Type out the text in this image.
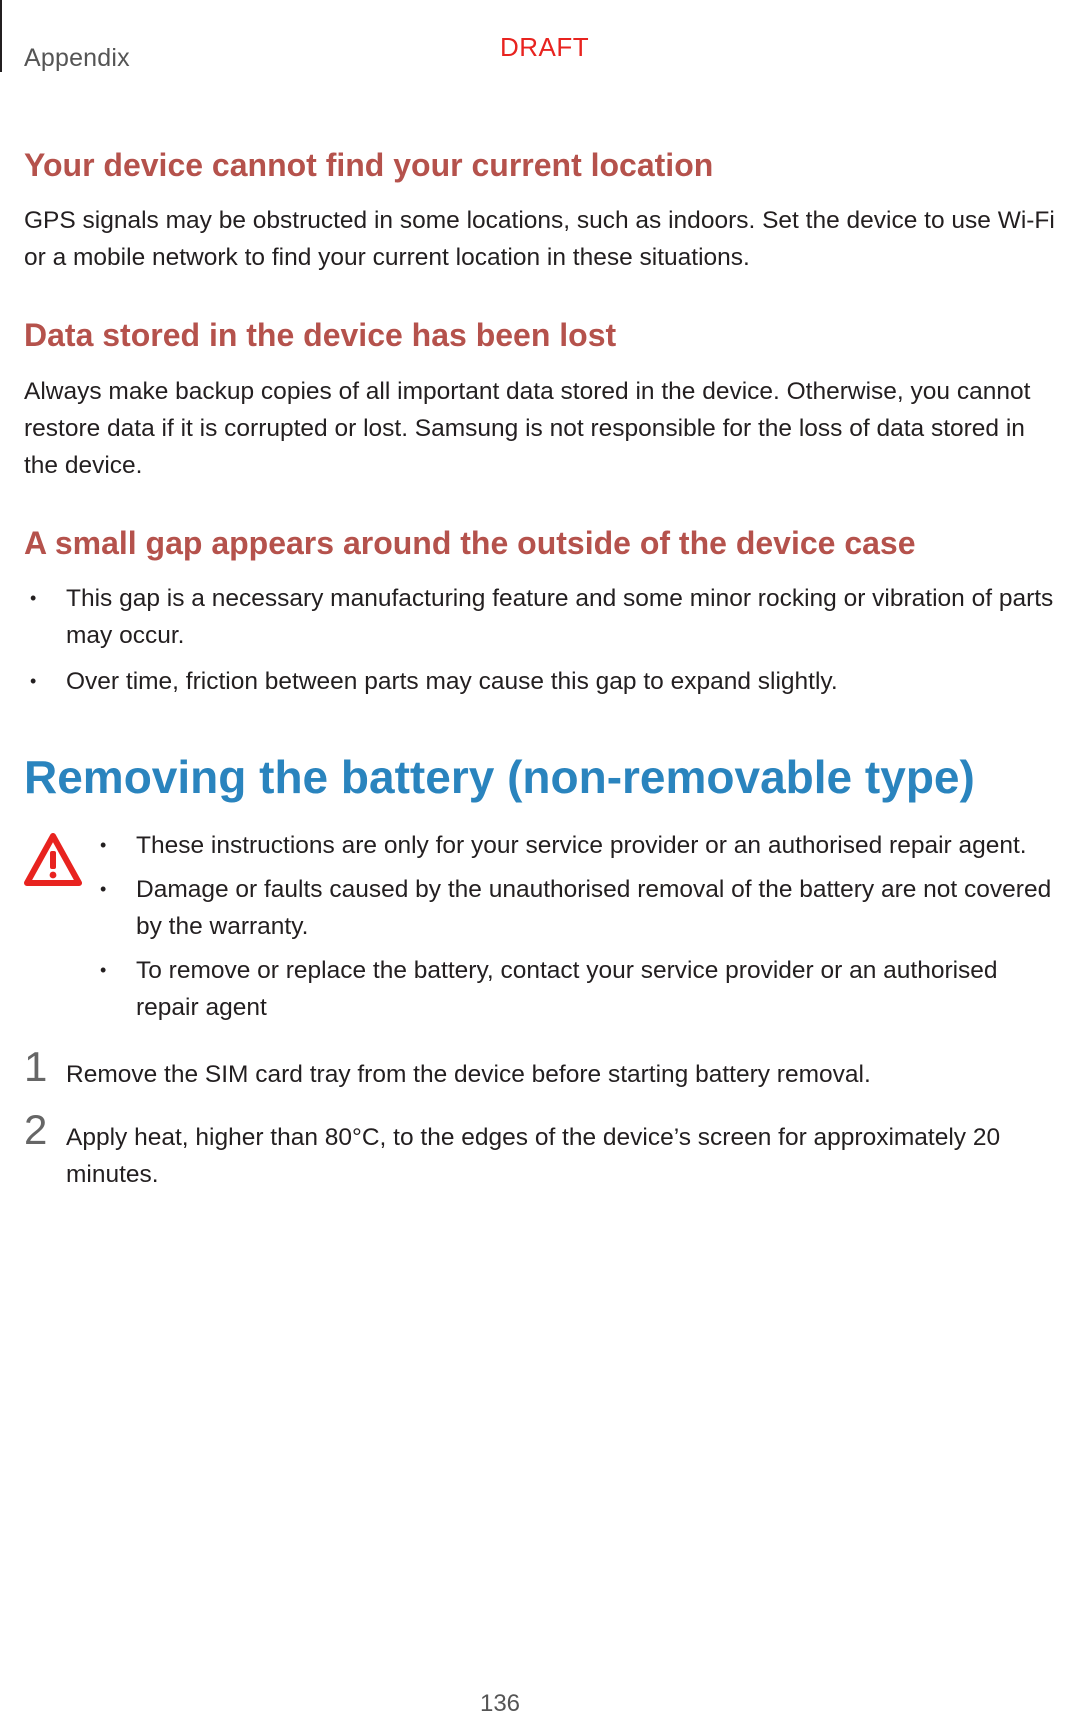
Appendix	DRAFT
Your device cannot find your current location

GPS signals may be obstructed in some locations, such as indoors. Set the device to use Wi-Fi or a mobile network to find your current location in these situations.

Data stored in the device has been lost

Always make backup copies of all important data stored in the device. Otherwise, you cannot restore data if it is corrupted or lost. Samsung is not responsible for the loss of data stored in the device.

A small gap appears around the outside of the device case
• This gap is a necessary manufacturing feature and some minor rocking or vibration of parts may occur.
• Over time, friction between parts may cause this gap to expand slightly.
Removing the battery (non-removable type)
• These instructions are only for your service provider or an authorised repair agent.
• Damage or faults caused by the unauthorised removal of the battery are not covered by the warranty.
• To remove or replace the battery, contact your service provider or an authorised repair agent
1 Remove the SIM card tray from the device before starting battery removal.
2 Apply heat, higher than 80°C, to the edges of the device’s screen for approximately 20 minutes.
136
